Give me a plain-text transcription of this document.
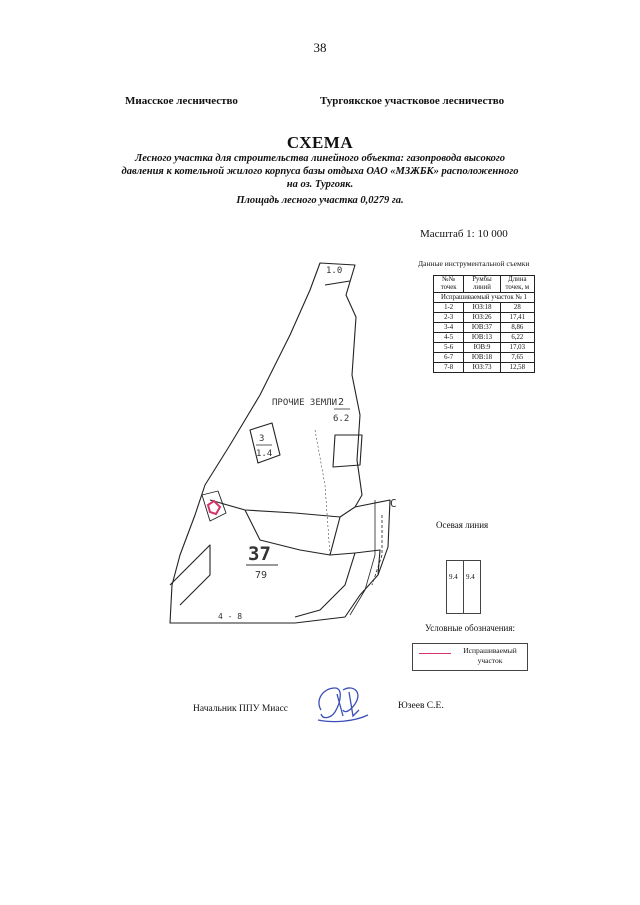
38
Миасское лесничество	Тургоякское участковое лесничество
СХЕМА
Лесного участка для строительства линейного объекта: газопровода высокого
давления к котельной жилого корпуса базы отдыха ОАО «МЗЖБК» расположенного
на оз. Тургояк.
Площадь лесного участка 0,0279 га.
Масштаб 1: 10 000
Данные инструментальной съемки
№№ точек	Румбы линий	Длина точек, м
Испрашиваемый участок № 1		
1-2	ЮЗ:18	28
2-3	ЮЗ:26	17,41
3-4	ЮВ:37	8,86
4-5	ЮВ:13	6,22
5-6	ЮВ:9	17,03
6-7	ЮВ:18	7,65
7-8	ЮЗ:73	12,58
1.0
ПРОЧИЕ ЗЕМЛИ 2
6.2
3
1.4
37
79
4 - 8
С
Осевая линия
9.4 9.4
Условные обозначения:
Испрашиваемый участок
Начальник ППУ Миасс	Юзеев С.Е.
